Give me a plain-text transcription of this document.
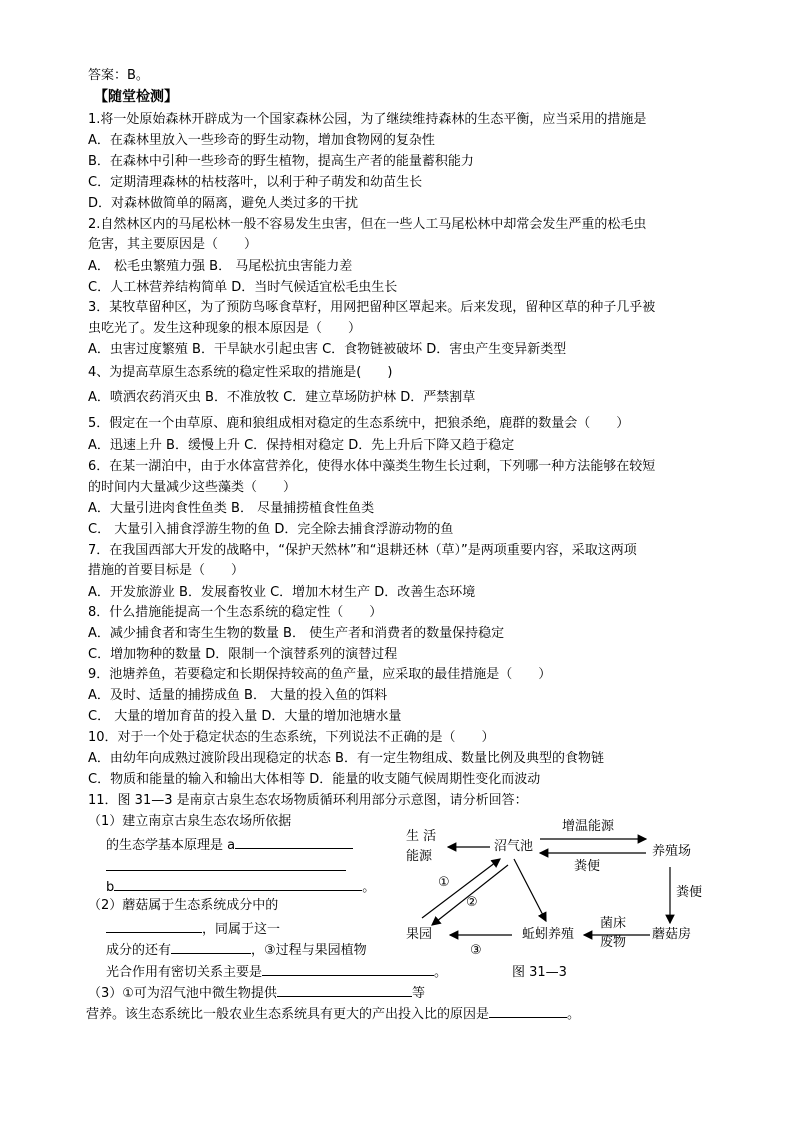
答案：B。
【随堂检测】
1.将一处原始森林开辟成为一个国家森林公园，为了继续维持森林的生态平衡，应当采用的措施是
A．在森林里放入一些珍奇的野生动物，增加食物网的复杂性
B．在森林中引种一些珍奇的野生植物，提高生产者的能量蓄积能力
C．定期清理森林的枯枝落叶，以利于种子萌发和幼苗生长
D．对森林做简单的隔离，避免人类过多的干扰
2.自然林区内的马尾松林一般不容易发生虫害，但在一些人工马尾松林中却常会发生严重的松毛虫
危害，其主要原因是（　　）
A． 松毛虫繁殖力强 B． 马尾松抗虫害能力差
C．人工林营养结构简单 D．当时气候适宜松毛虫生长
3．某牧草留种区，为了预防鸟啄食草籽，用网把留种区罩起来。后来发现，留种区草的种子几乎被
虫吃光了。发生这种现象的根本原因是（　　）
A．虫害过度繁殖 B．干旱缺水引起虫害 C．食物链被破坏 D．害虫产生变异新类型
4、为提高草原生态系统的稳定性采取的措施是(　　)
A．喷洒农药消灭虫 B．不准放牧 C．建立草场防护林 D．严禁割草
5．假定在一个由草原、鹿和狼组成相对稳定的生态系统中，把狼杀绝，鹿群的数量会（　　）
A．迅速上升 B．缓慢上升 C．保持相对稳定 D．先上升后下降又趋于稳定
6．在某一湖泊中，由于水体富营养化，使得水体中藻类生物生长过剩，下列哪一种方法能够在较短
的时间内大量减少这些藻类（　　）
A．大量引进肉食性鱼类 B． 尽量捕捞植食性鱼类
C． 大量引入捕食浮游生物的鱼 D．完全除去捕食浮游动物的鱼
7．在我国西部大开发的战略中，“保护天然林”和“退耕还林（草）”是两项重要内容，采取这两项
措施的首要目标是（　　）
A．开发旅游业 B．发展畜牧业 C．增加木材生产 D．改善生态环境
8．什么措施能提高一个生态系统的稳定性（　　）
A．减少捕食者和寄生生物的数量 B． 使生产者和消费者的数量保持稳定
C．增加物种的数量 D．限制一个演替系列的演替过程
9．池塘养鱼，若要稳定和长期保持较高的鱼产量，应采取的最佳措施是（　　）
A．及时、适量的捕捞成鱼 B． 大量的投入鱼的饵料
C． 大量的增加育苗的投入量 D．大量的增加池塘水量
10．对于一个处于稳定状态的生态系统，下列说法不正确的是（　　）
A．由幼年向成熟过渡阶段出现稳定的状态 B．有一定生物组成、数量比例及典型的食物链
C．物质和能量的输入和输出大体相等 D．能量的收支随气候周期性变化而波动
11．图 31—3 是南京古泉生态农场物质循环利用部分示意图，请分析回答：
（1）建立南京古泉生态农场所依据
的生态学基本原理是 a
b	。
（2）蘑菇属于生态系统成分中的
，同属于这一
成分的还有	，③过程与果园植物
光合作用有密切关系主要是	。
（3）①可为沼气池中微生物提供	等
营养。该生态系统比一般农业生态系统具有更大的产出投入比的原因是	。
生 活
能源
沼气池
增温能源
粪便
养殖场
粪便
①
②
果园
③
蚯蚓养殖
菌床
废物
蘑菇房
图 31—3
